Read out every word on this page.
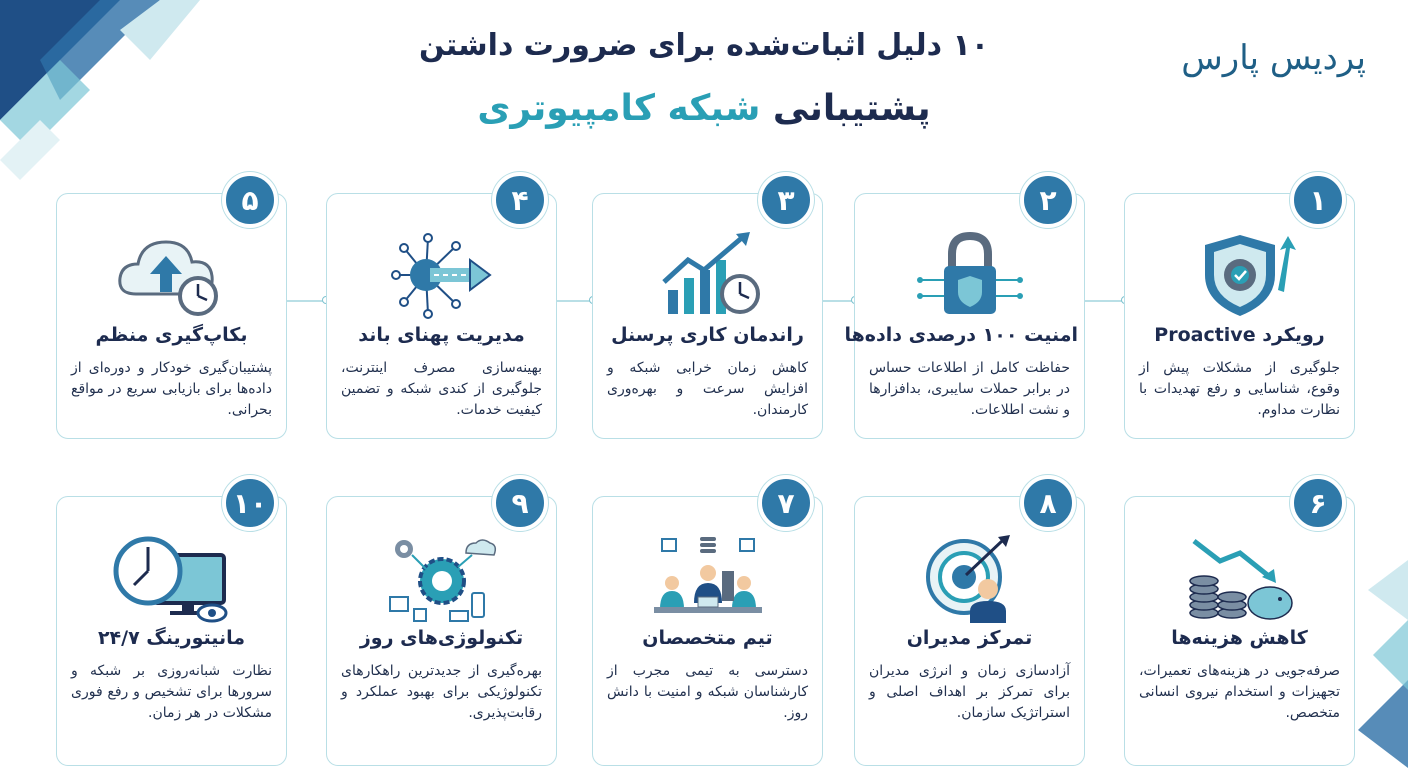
۱۰ دلیل اثبات‌شده برای ضرورت داشتن
پشتیبانی شبکه کامپیوتری
پردیس پارس
۱
رویکرد Proactive
جلوگیری از مشکلات پیش از وقوع، شناسایی و رفع تهدیدات با نظارت مداوم.
۲
امنیت ۱۰۰ درصدی داده‌ها
حفاظت کامل از اطلاعات حساس در برابر حملات سایبری، بدافزارها و نشت اطلاعات.
۳
راندمان کاری پرسنل
کاهش زمان خرابی شبکه و افزایش سرعت و بهره‌وری کارمندان.
۴
مدیریت پهنای باند
بهینه‌سازی مصرف اینترنت، جلوگیری از کندی شبکه و تضمین کیفیت خدمات.
۵
بکاپ‌گیری منظم
پشتیبان‌گیری خودکار و دوره‌ای از داده‌ها برای بازیابی سریع در مواقع بحرانی.
۶
کاهش هزینه‌ها
صرفه‌جویی در هزینه‌های تعمیرات، تجهیزات و استخدام نیروی انسانی متخصص.
۸
تمرکز مدیران
آزادسازی زمان و انرژی مدیران برای تمرکز بر اهداف اصلی و استراتژیک سازمان.
۷
تیم متخصصان
دسترسی به تیمی مجرب از کارشناسان شبکه و امنیت با دانش روز.
۹
تکنولوژی‌های روز
بهره‌گیری از جدیدترین راهکارهای تکنولوژیکی برای بهبود عملکرد و رقابت‌پذیری.
۱۰
مانیتورینگ ۲۴/۷
نظارت شبانه‌روزی بر شبکه و سرورها برای تشخیص و رفع فوری مشکلات در هر زمان.
